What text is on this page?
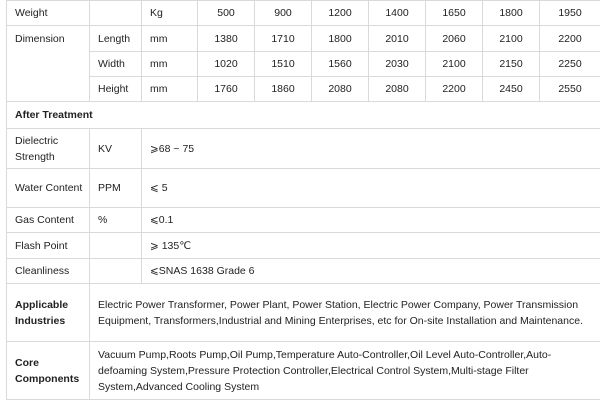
Weight		Kg	500	900	1200	1400	1650	1800	1950
Dimension	Length	mm	1380	1710	1800	2010	2060	2100	2200
	Width	mm	1020	1510	1560	2030	2100	2150	2250
	Height	mm	1760	1860	2080	2080	2200	2450	2550
After Treatment									
Dielectric Strength	KV	⩾68 ~ 75							
Water Content	PPM	⩽ 5							
Gas Content	%	⩽0.1							
Flash Point		⩾ 135℃							
Cleanliness		⩽SNAS 1638 Grade 6							
Applicable Industries	Electric Power Transformer, Power Plant, Power Station, Electric Power Company, Power Transmission Equipment, Transformers,Industrial and Mining Enterprises, etc for On-site Installation and Maintenance.								
Core Components	Vacuum Pump,Roots Pump,Oil Pump,Temperature Auto-Controller,Oil Level Auto-Controller,Auto-defoaming System,Pressure Protection Controller,Electrical Control System,Multi-stage Filter System,Advanced Cooling System								
